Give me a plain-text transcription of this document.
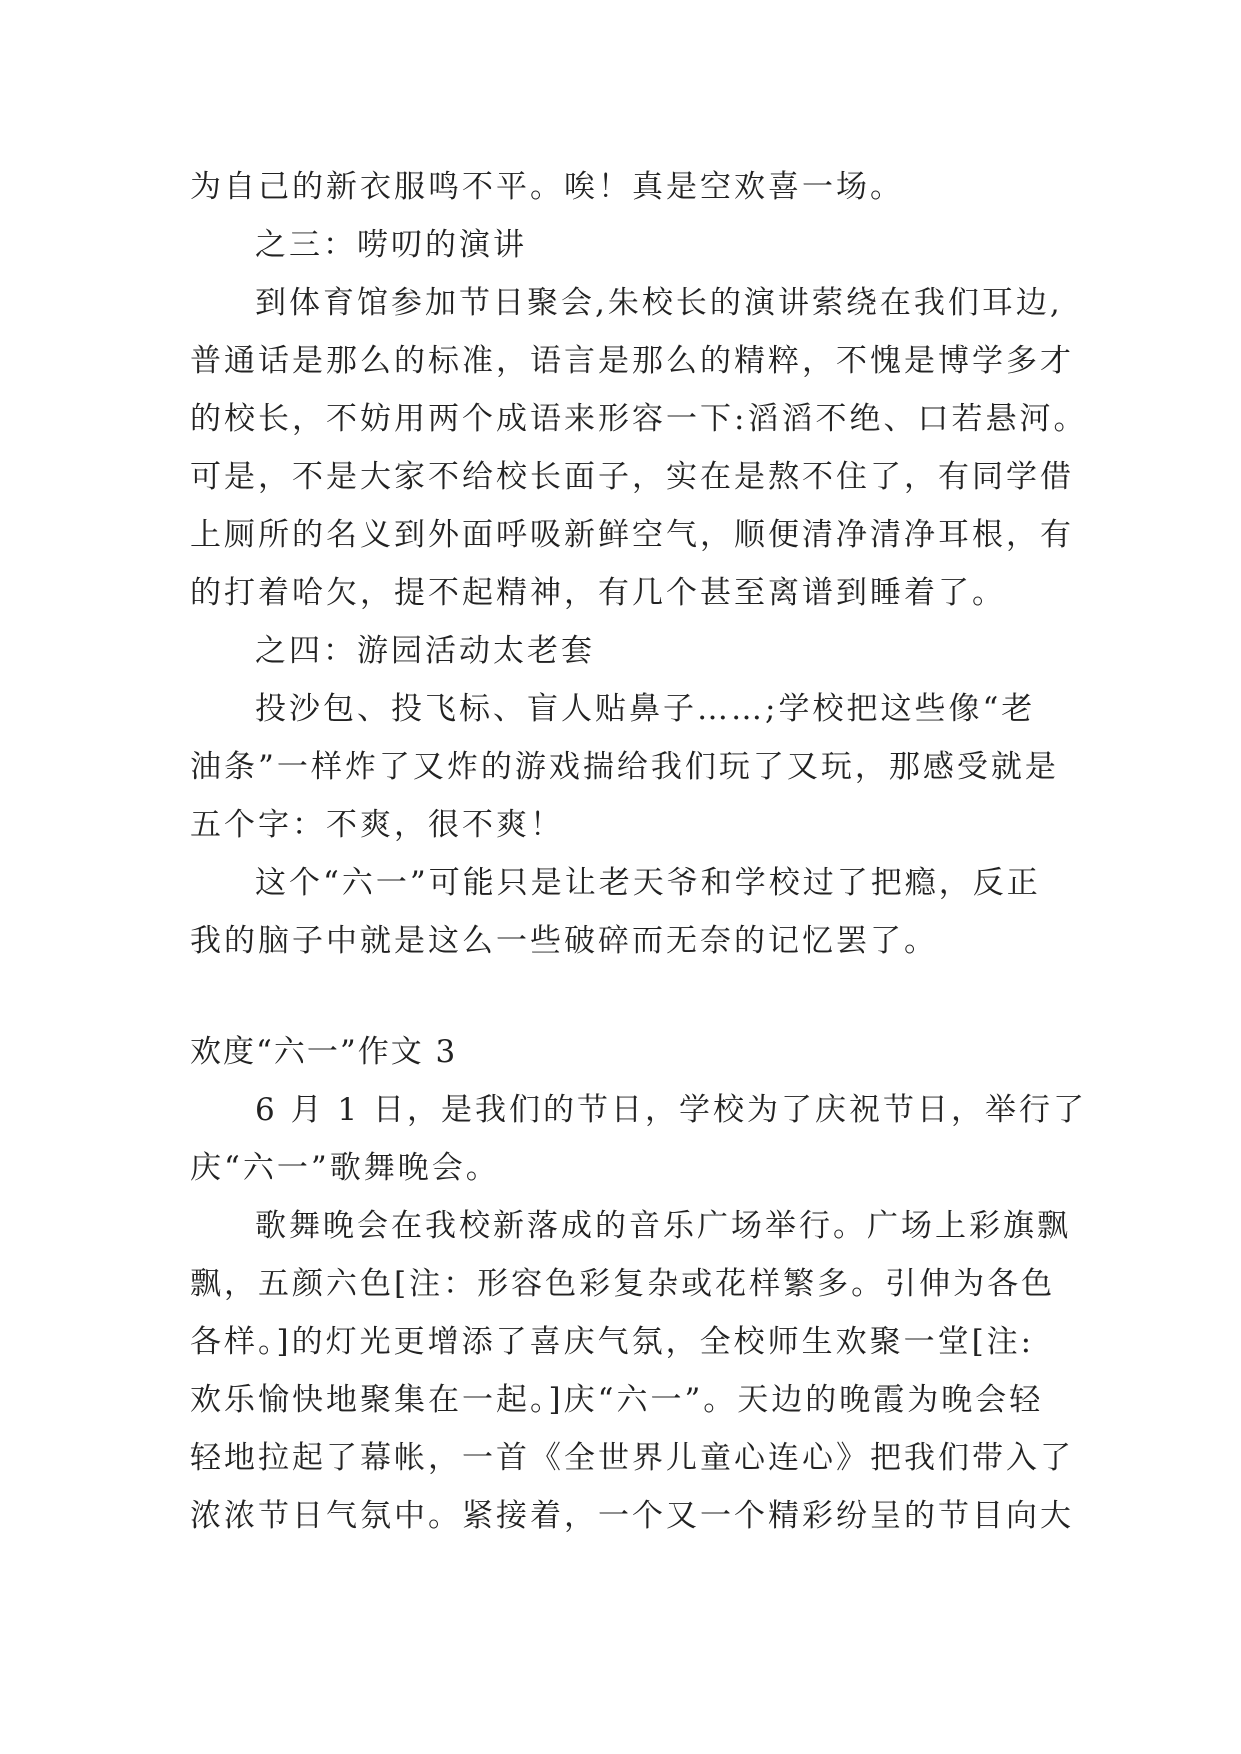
为自己的新衣服鸣不平。唉！真是空欢喜一场。
之三：唠叨的演讲
到体育馆参加节日聚会,朱校长的演讲萦绕在我们耳边,
普通话是那么的标准，语言是那么的精粹，不愧是博学多才
的校长，不妨用两个成语来形容一下:滔滔不绝、口若悬河。
可是，不是大家不给校长面子，实在是熬不住了，有同学借
上厕所的名义到外面呼吸新鲜空气，顺便清净清净耳根，有
的打着哈欠，提不起精神，有几个甚至离谱到睡着了。
之四：游园活动太老套
投沙包、投飞标、盲人贴鼻子……;学校把这些像“老
油条”一样炸了又炸的游戏揣给我们玩了又玩，那感受就是
五个字：不爽，很不爽！
这个“六一”可能只是让老天爷和学校过了把瘾，反正
我的脑子中就是这么一些破碎而无奈的记忆罢了。
欢度“六一”作文 3
6 月 1 日，是我们的节日，学校为了庆祝节日，举行了
庆“六一”歌舞晚会。
歌舞晚会在我校新落成的音乐广场举行。广场上彩旗飘
飘，五颜六色[注：形容色彩复杂或花样繁多。引伸为各色
各样。]的灯光更增添了喜庆气氛，全校师生欢聚一堂[注:
欢乐愉快地聚集在一起。]庆“六一”。天边的晚霞为晚会轻
轻地拉起了幕帐，一首《全世界儿童心连心》把我们带入了
浓浓节日气氛中。紧接着，一个又一个精彩纷呈的节目向大
